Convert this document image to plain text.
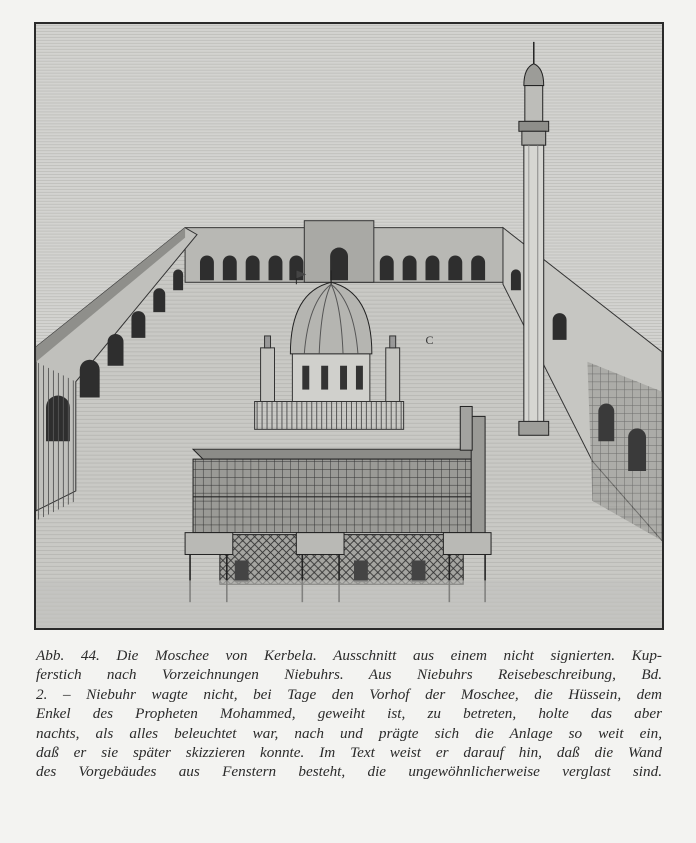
C

Abb. 44. Die Moschee von Kerbela. Ausschnitt aus einem nicht signierten. Kup-
ferstich nach Vorzeichnungen Niebuhrs. Aus Niebuhrs Reisebeschreibung, Bd.
2. – Niebuhr wagte nicht, bei Tage den Vorhof der Moschee, die Hüssein, dem
Enkel des Propheten Mohammed, geweiht ist, zu betreten, holte das aber
nachts, als alles beleuchtet war, nach und prägte sich die Anlage so weit ein,
daß er sie später skizzieren konnte. Im Text weist er darauf hin, daß die Wand
des Vorgebäudes aus Fenstern besteht, die ungewöhnlicherweise verglast sind.
